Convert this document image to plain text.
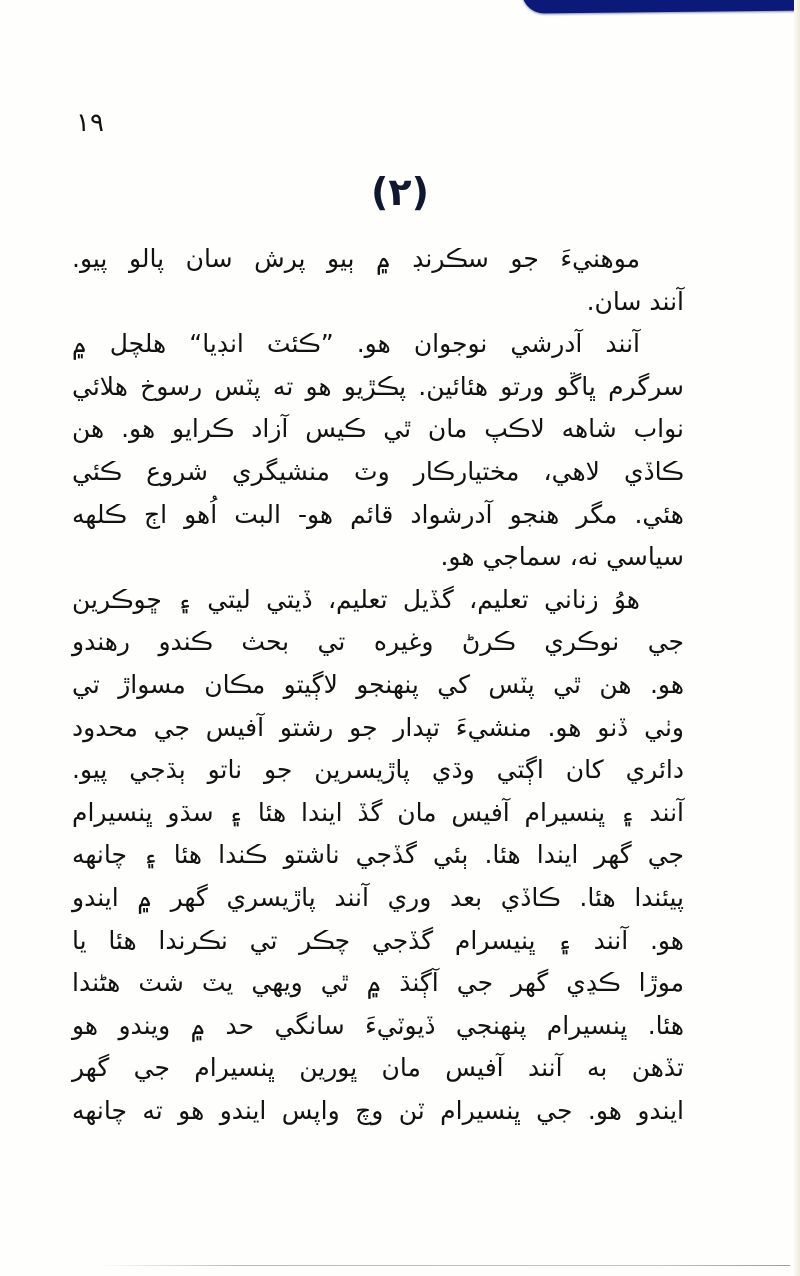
١٩
(٢)
موهنيءَ جو سڪرنڊ ۾ ٻيو پرش سان پالو پيو.
آنند سان.
آنند آدرشي نوجوان هو. ”ڪئٽ انڊيا“ هلچل ۾
سرگرم ڀاڱو ورتو هئائين. پڪڙيو هو ته پٽس رسوخ هلائي
نواب شاهه لاڪپ مان ٿي ڪيس آزاد ڪرايو هو. هن
ڪاڏي لاهي، مختيارڪار وٽ منشيگري شروع ڪئي
هئي. مگر هنجو آدرشواد قائم هو- البت اُهو اڄ ڪلهه
سياسي نه، سماجي هو.
هوُ زناني تعليم، گڏيل تعليم، ڏيتي ليتي ۽ ڇوڪرين
جي نوڪري ڪرڻ وغيره تي بحث ڪندو رهندو
هو. هن ٿي پٽس کي پنهنجو لاڳيتو مڪان مسواڙ تي
وٺي ڏنو هو. منشيءَ تپدار جو رشتو آفيس جي محدود
دائري کان اڳتي وڌي پاڙيسرين جو ناتو ٻڌجي پيو.
آنند ۽ ڀنسيرام آفيس مان گڏ ايندا هئا ۽ سڌو ڀنسيرام
جي گهر ايندا هئا. ٻئي گڏجي ناشتو ڪندا هئا ۽ چانهه
پيئندا هئا. ڪاڏي بعد وري آنند پاڙيسري گهر ۾ ايندو
هو. آنند ۽ ڀنيسرام گڏجي چڪر تي نڪرندا هئا يا
موڙا ڪڍي گهر جي آڳنڌ ۾ ٿي ويهي يٽ شٽ هڻندا
هئا. ڀنسيرام پنهنجي ڏيوٽيءَ سانگي حد ۾ ويندو هو
تڏهن به آنند آفيس مان ڀورين ڀنسيرام جي گهر
ايندو هو. جي ڀنسيرام ٽن وچ واپس ايندو هو ته چانهه
